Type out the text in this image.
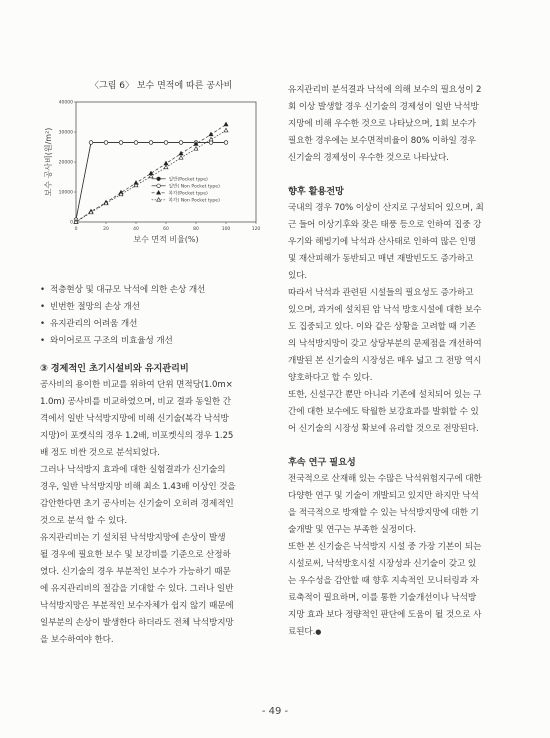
〈그림 6〉 보수 면적에 따른 공사비
0	20	40	60	80	100	120
0
10000
20000
30000
40000
보수 면적 비율(%)
보수 공사비(원/m²)	일반(Pocket type)
일반( Non Pocket type)
복각(Pocket type)
복각( Non Pocket type)
• 적층현상 및 대규모 낙석에 의한 손상 개선
• 빈번한 절망의 손상 개선
• 유지관리의 어려움 개선
• 와이어로프 구조의 비효율성 개선

③ 경제적인 초기시설비와 유지관리비

공사비의 용이한 비교를 위하여 단위 면적당(1.0m×

1.0m) 공사비를 비교하였으며, 비교 결과 동일한 간

격에서 일반 낙석방지망에 비해 신기술(복각 낙석방

지망)이 포켓식의 경우 1.2배, 비포켓식의 경우 1.25

배 정도 비싼 것으로 분석되었다.

그러나 낙석방지 효과에 대한 실험결과가 신기술의

경우, 일반 낙석방지망 비해 최소 1.43배 이상인 것을

감안한다면 초기 공사비는 신기술이 오히려 경제적인

것으로 분석 할 수 있다.

유지관리비는 기 설치된 낙석방지망에 손상이 발생

될 경우에 필요한 보수 및 보강비를 기준으로 산정하

였다. 신기술의 경우 부분적인 보수가 가능하기 때문

에 유지관리비의 절감을 기대할 수 있다. 그러나 일반

낙석방지망은 부분적인 보수자체가 쉽지 않기 때문에

일부분의 손상이 발생한다 하더라도 전체 낙석방지망

을 보수하여야 한다.

유지관리비 분석결과 낙석에 의해 보수의 필요성이 2

회 이상 발생할 경우 신기술의 경제성이 일반 낙석방

지망에 비해 우수한 것으로 나타났으며, 1회 보수가

필요한 경우에는 보수면적비율이 80% 이하일 경우

신기술의 경제성이 우수한 것으로 나타났다.

향후 활용전망

국내의 경우 70% 이상이 산지로 구성되어 있으며, 최

근 들어 이상기후와 잦은 태풍 등으로 인하여 집중 강

우기와 해빙기에 낙석과 산사태로 인하여 많은 인명

및 재산피해가 동반되고 매년 재발빈도도 증가하고

있다.

따라서 낙석과 관련된 시설들의 필요성도 증가하고

있으며, 과거에 설치된 암 낙석 방호시설에 대한 보수

도 집중되고 있다. 이와 같은 상황을 고려할 때 기존

의 낙석방지망이 갖고 상당부분의 문제점을 개선하여

개발된 본 신기술의 시장성은 매우 넓고 그 전망 역시

양호하다고 할 수 있다.

또한, 신설구간 뿐만 아니라 기존에 설치되어 있는 구

간에 대한 보수에도 탁월한 보강효과를 발휘할 수 있

어 신기술의 시장성 확보에 유리할 것으로 전망된다.

후속 연구 필요성

전국적으로 산재해 있는 수많은 낙석위험지구에 대한

다양한 연구 및 기술이 개발되고 있지만 하지만 낙석

을 적극적으로 방재할 수 있는 낙석방지망에 대한 기

술개발 및 연구는 부족한 실정이다.

또한 본 신기술은 낙석방지 시설 중 가장 기본이 되는

시설로써, 낙석방호시설 시장성과 신기술이 갖고 있

는 우수성을 감안할 때 향후 지속적인 모니터링과 자

료축적이 필요하며, 이를 통한 기술개선이나 낙석방

지망 효과 보다 정량적인 판단에 도움이 될 것으로 사

료된다.●

- 49 -
